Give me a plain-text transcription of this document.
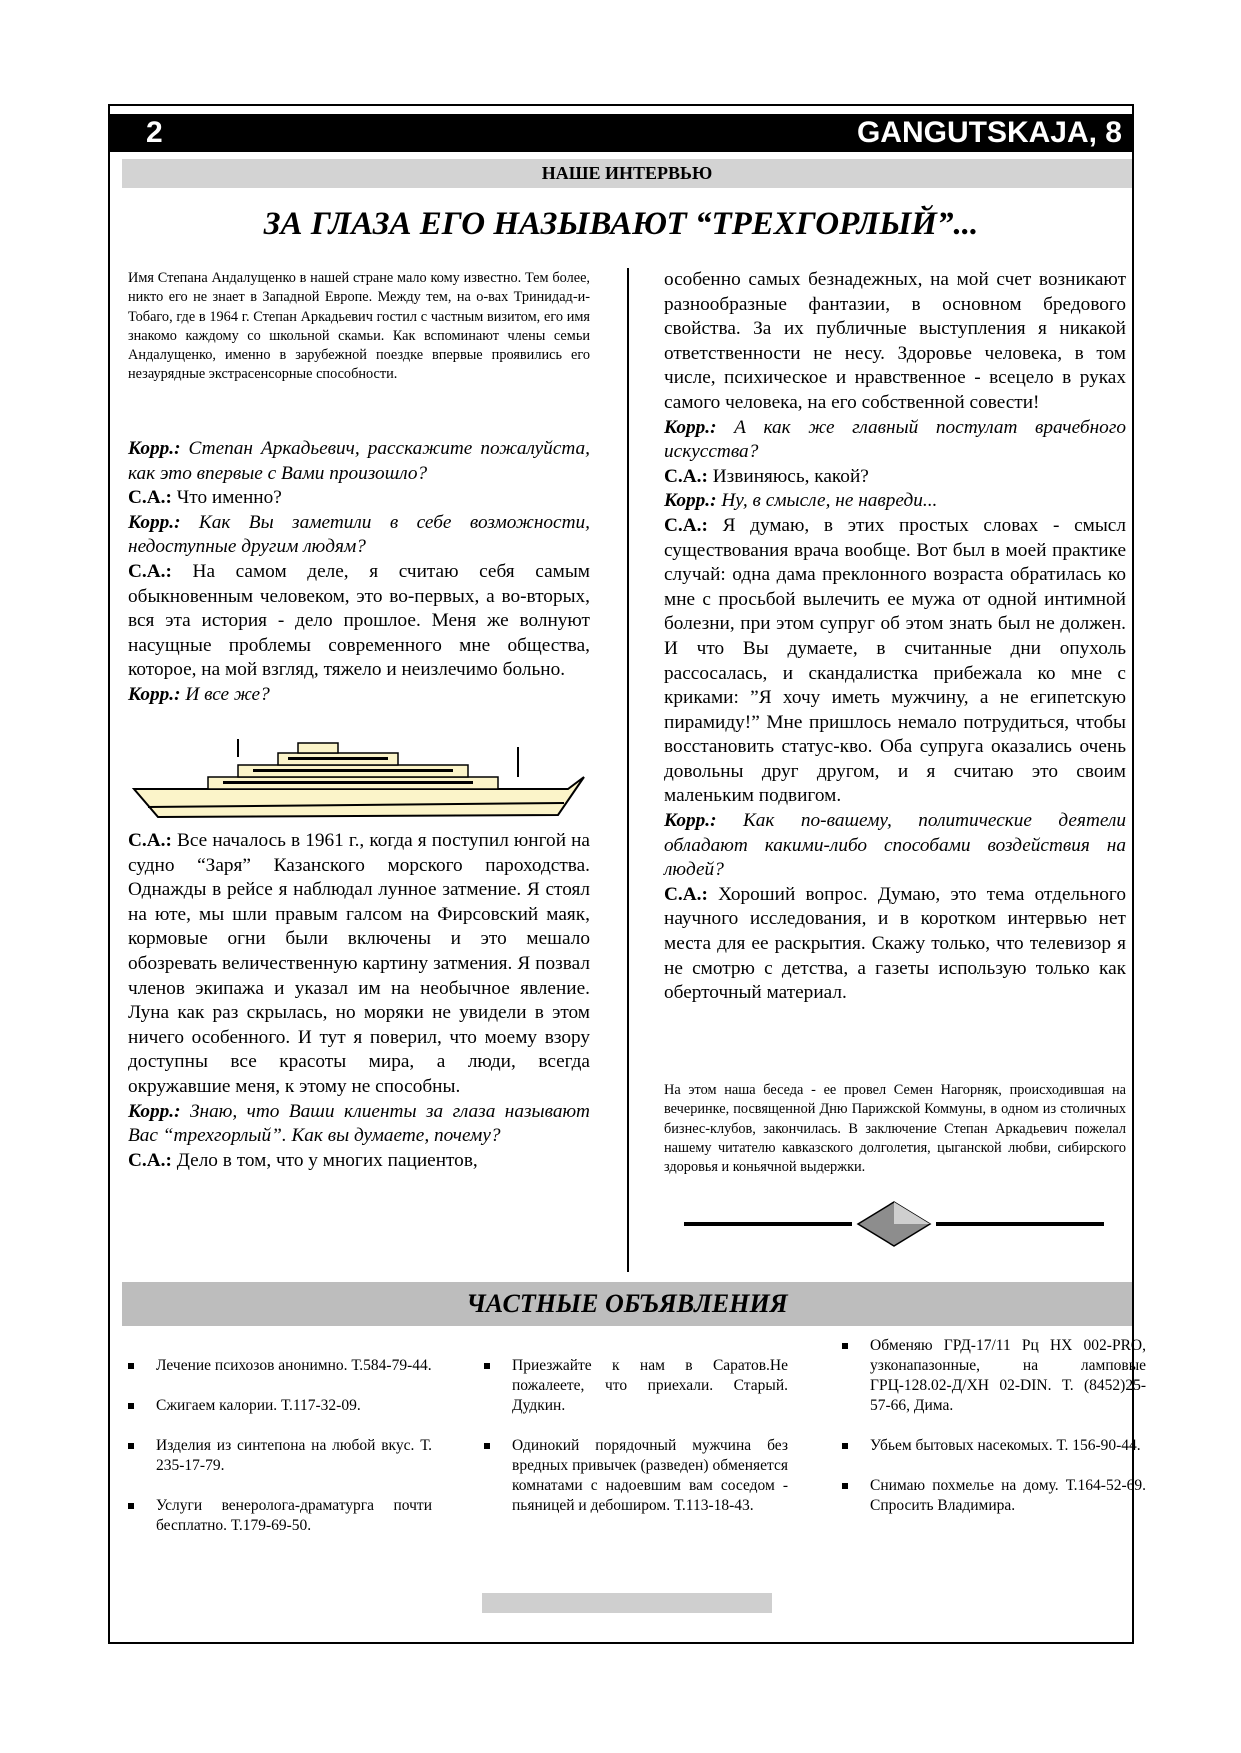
2	GANGUTSKAJA, 8
НАШЕ ИНТЕРВЬЮ
ЗА ГЛАЗА ЕГО НАЗЫВАЮТ “ТРЕХГОРЛЫЙ”...

Имя Степана Андалущенко в нашей стране мало кому известно. Тем более, никто его не знает в Западной Европе. Между тем, на о-вах Тринидад-и-Тобаго, где в 1964 г. Степан Аркадьевич гостил с частным визитом, его имя знакомо каждому со школьной скамьи. Как вспоминают члены семьи Андалущенко, именно в зарубежной поездке впервые проявились его незаурядные экстрасенсорные способности.

Корр.: Степан Аркадьевич, расскажите пожалуйста, как это впервые с Вами произошло?

С.А.: Что именно?

Корр.: Как Вы заметили в себе возможности, недоступные другим людям?

С.А.: На самом деле, я считаю себя самым обыкновенным человеком, это во-первых, а во-вторых, вся эта история - дело прошлое. Меня же волнуют насущные проблемы современного мне общества, которое, на мой взгляд, тяжело и неизлечимо больно.

Корр.: И все же?

С.А.: Все началось в 1961 г., когда я поступил юнгой на судно “Заря” Казанского морского пароходства. Однажды в рейсе я наблюдал лунное затмение. Я стоял на юте, мы шли правым галсом на Фирсовский маяк, кормовые огни были включены и это мешало обозревать величественную картину затмения. Я позвал членов экипажа и указал им на необычное явление. Луна как раз скрылась, но моряки не увидели в этом ничего особенного. И тут я поверил, что моему взору доступны все красоты мира, а люди, всегда окружавшие меня, к этому не способны.

Корр.: Знаю, что Ваши клиенты за глаза называют Вас “трехгорлый”. Как вы думаете, почему?

С.А.: Дело в том, что у многих пациентов,

особенно самых безнадежных, на мой счет возникают разнообразные фантазии, в основном бредового свойства. За их публичные выступления я никакой ответственности не несу. Здоровье человека, в том числе, психическое и нравственное - всецело в руках самого человека, на его собственной совести!

Корр.: А как же главный постулат врачебного искусства?

С.А.: Извиняюсь, какой?

Корр.: Ну, в смысле, не навреди...

С.А.: Я думаю, в этих простых словах - смысл существования врача вообще. Вот был в моей практике случай: одна дама преклонного возраста обратилась ко мне с просьбой вылечить ее мужа от одной интимной болезни, при этом супруг об этом знать был не должен. И что Вы думаете, в считанные дни опухоль рассосалась, и скандалистка прибежала ко мне с криками: ”Я хочу иметь мужчину, а не египетскую пирамиду!” Мне пришлось немало потрудиться, чтобы восстановить статус-кво. Оба супруга оказались очень довольны друг другом, и я считаю это своим маленьким подвигом.

Корр.: Как по-вашему, политические деятели обладают какими-либо способами воздействия на людей?

С.А.: Хороший вопрос. Думаю, это тема отдельного научного исследования, и в коротком интервью нет места для ее раскрытия. Скажу только, что телевизор я не смотрю с детства, а газеты использую только как оберточный материал.

На этом наша беседа - ее провел Семен Нагорняк, происходившая на вечеринке, посвященной Дню Парижской Коммуны, в одном из столичных бизнес-клубов, закончилась. В заключение Степан Аркадьевич пожелал нашему читателю кавказского долголетия, цыганской любви, сибирского здоровья и коньячной выдержки.

ЧАСТНЫЕ ОБЪЯВЛЕНИЯ
Лечение психозов анонимно. Т.584-79-44.
Сжигаем калории. Т.117-32-09.
Изделия из синтепона на любой вкус. Т. 235-17-79.
Услуги венеролога-драматурга почти бесплатно. Т.179-69-50.
Приезжайте к нам в Саратов.Не пожалеете, что приехали. Старый. Дудкин.
Одинокий порядочный мужчина без вредных привычек (разведен) обменяется комнатами с надоевшим вам соседом - пьяницей и дебоширом. Т.113-18-43.
Обменяю ГРД-17/11 Рц НХ 002-PRO, узконапазонные, на ламповые ГРЦ-128.02-Д/ХН 02-DIN. Т. (8452)25-57-66, Дима.
Убьем бытовых насекомых. Т. 156-90-44.
Снимаю похмелье на дому. Т.164-52-69. Спросить Владимира.
